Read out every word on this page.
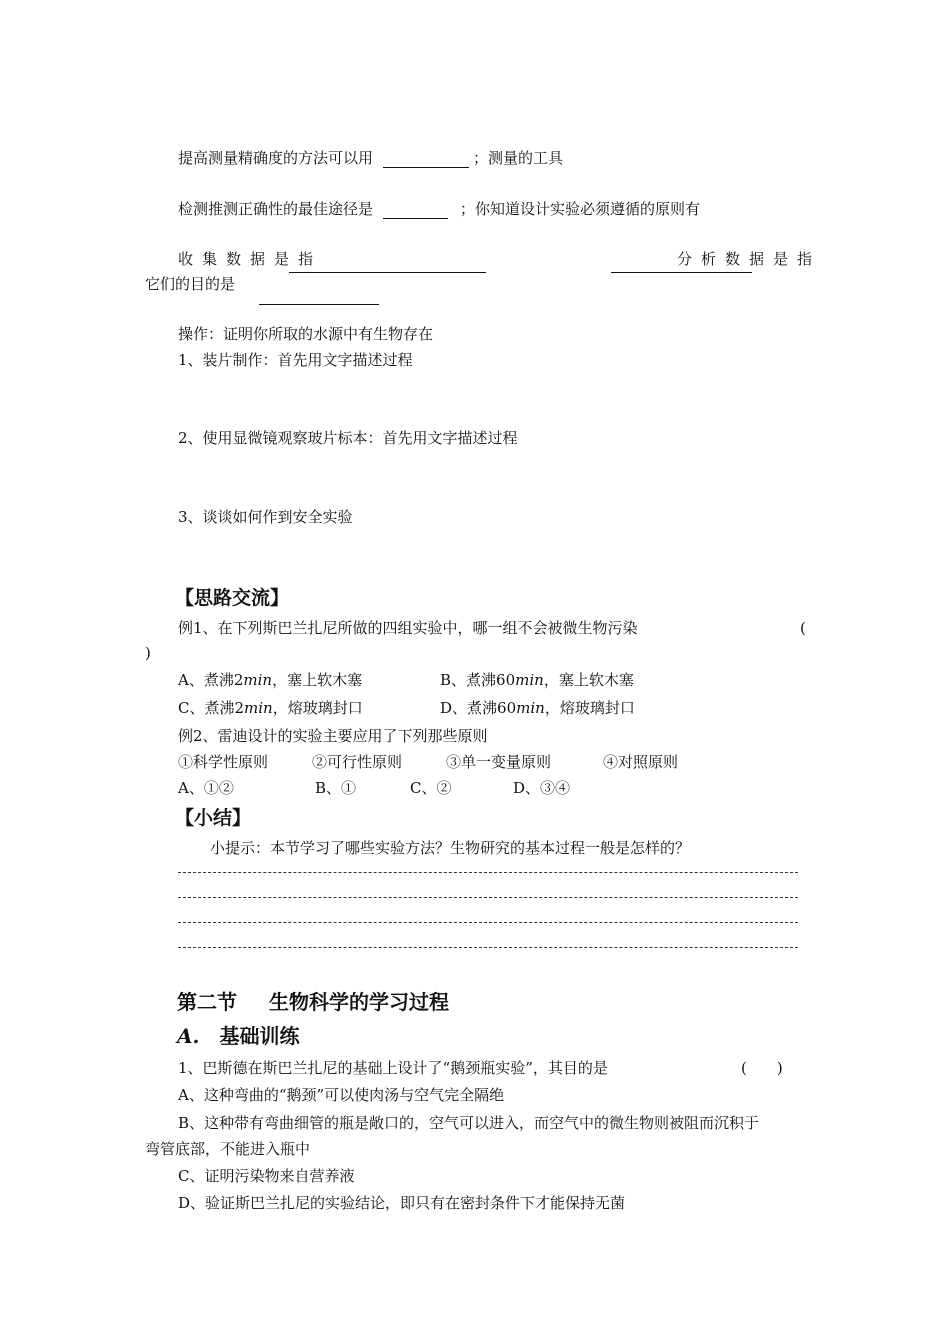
提高测量精确度的方法可以用	；测量的工具
检测推测正确性的最佳途径是	；你知道设计实验必须遵循的原则有
收集数据是指	分析数据是指
它们的目的是
操作：证明你所取的水源中有生物存在
1、装片制作：首先用文字描述过程
2、使用显微镜观察玻片标本：首先用文字描述过程
3、谈谈如何作到安全实验
【思路交流】
例1、在下列斯巴兰扎尼所做的四组实验中，哪一组不会被微生物污染	(
)
A、煮沸2min，塞上软木塞	B、煮沸60min，塞上软木塞
C、煮沸2min，熔玻璃封口	D、煮沸60min，熔玻璃封口
例2、雷迪设计的实验主要应用了下列那些原则
①科学性原则	②可行性原则	③单一变量原则	④对照原则
A、①②	B、①	C、②	D、③④
【小结】
小提示：本节学习了哪些实验方法？生物研究的基本过程一般是怎样的？
第二节 生物科学的学习过程
A. 基础训练
1、巴斯德在斯巴兰扎尼的基础上设计了“鹅颈瓶实验”，其目的是	(　　)
A、这种弯曲的“鹅颈”可以使肉汤与空气完全隔绝
B、这种带有弯曲细管的瓶是敞口的，空气可以进入，而空气中的微生物则被阻而沉积于
弯管底部，不能进入瓶中
C、证明污染物来自营养液
D、验证斯巴兰扎尼的实验结论，即只有在密封条件下才能保持无菌
